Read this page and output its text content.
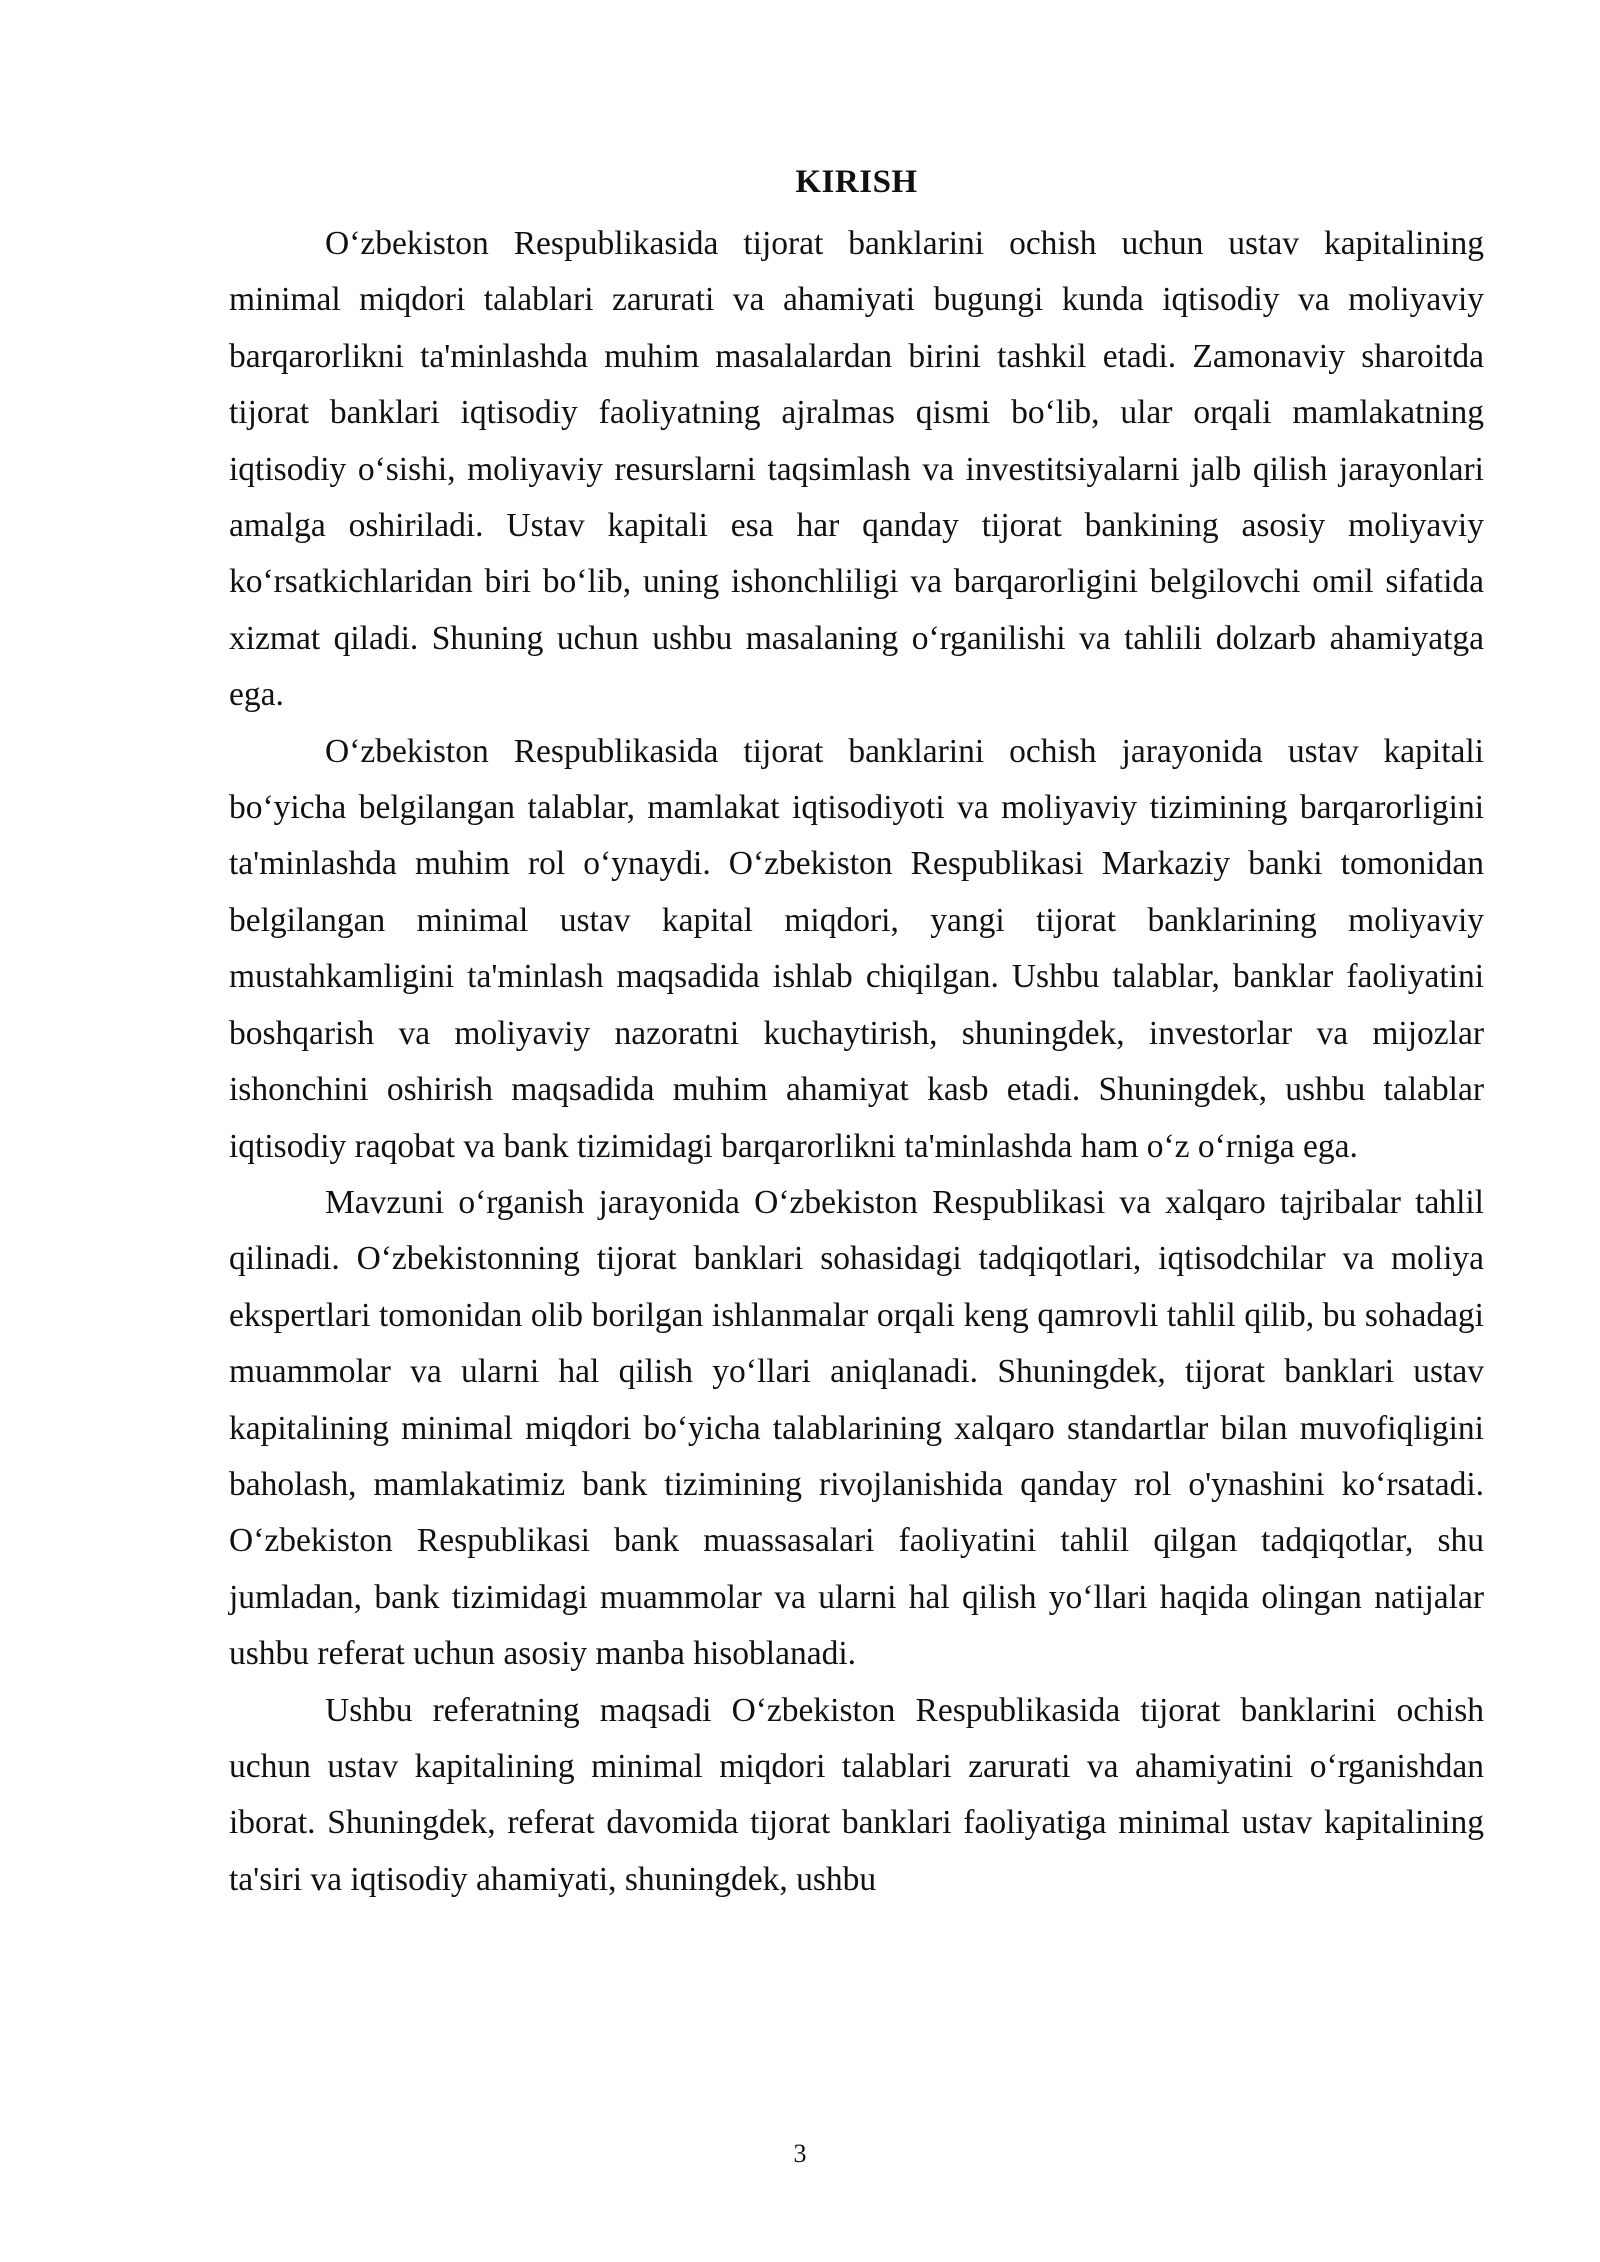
KIRISH

O‘zbekiston Respublikasida tijorat banklarini ochish uchun ustav kapitalining minimal miqdori talablari zarurati va ahamiyati bugungi kunda iqtisodiy va moliyaviy barqarorlikni ta'minlashda muhim masalalardan birini tashkil etadi. Zamonaviy sharoitda tijorat banklari iqtisodiy faoliyatning ajralmas qismi bo‘lib, ular orqali mamlakatning iqtisodiy o‘sishi, moliyaviy resurslarni taqsimlash va investitsiyalarni jalb qilish jarayonlari amalga oshiriladi. Ustav kapitali esa har qanday tijorat bankining asosiy moliyaviy ko‘rsatkichlaridan biri bo‘lib, uning ishonchliligi va barqarorligini belgilovchi omil sifatida xizmat qiladi. Shuning uchun ushbu masalaning o‘rganilishi va tahlili dolzarb ahamiyatga ega.

O‘zbekiston Respublikasida tijorat banklarini ochish jarayonida ustav kapitali bo‘yicha belgilangan talablar, mamlakat iqtisodiyoti va moliyaviy tizimining barqarorligini ta'minlashda muhim rol o‘ynaydi. O‘zbekiston Respublikasi Markaziy banki tomonidan belgilangan minimal ustav kapital miqdori, yangi tijorat banklarining moliyaviy mustahkamligini ta'minlash maqsadida ishlab chiqilgan. Ushbu talablar, banklar faoliyatini boshqarish va moliyaviy nazoratni kuchaytirish, shuningdek, investorlar va mijozlar ishonchini oshirish maqsadida muhim ahamiyat kasb etadi. Shuningdek, ushbu talablar iqtisodiy raqobat va bank tizimidagi barqarorlikni ta'minlashda ham o‘z o‘rniga ega.

Mavzuni o‘rganish jarayonida O‘zbekiston Respublikasi va xalqaro tajribalar tahlil qilinadi. O‘zbekistonning tijorat banklari sohasidagi tadqiqotlari, iqtisodchilar va moliya ekspertlari tomonidan olib borilgan ishlanmalar orqali keng qamrovli tahlil qilib, bu sohadagi muammolar va ularni hal qilish yo‘llari aniqlanadi. Shuningdek, tijorat banklari ustav kapitalining minimal miqdori bo‘yicha talablarining xalqaro standartlar bilan muvofiqligini baholash, mamlakatimiz bank tizimining rivojlanishida qanday rol o'ynashini ko‘rsatadi. O‘zbekiston Respublikasi bank muassasalari faoliyatini tahlil qilgan tadqiqotlar, shu jumladan, bank tizimidagi muammolar va ularni hal qilish yo‘llari haqida olingan natijalar ushbu referat uchun asosiy manba hisoblanadi.

Ushbu referatning maqsadi O‘zbekiston Respublikasida tijorat banklarini ochish uchun ustav kapitalining minimal miqdori talablari zarurati va ahamiyatini o‘rganishdan iborat. Shuningdek, referat davomida tijorat banklari faoliyatiga minimal ustav kapitalining ta'siri va iqtisodiy ahamiyati, shuningdek, ushbu

3
